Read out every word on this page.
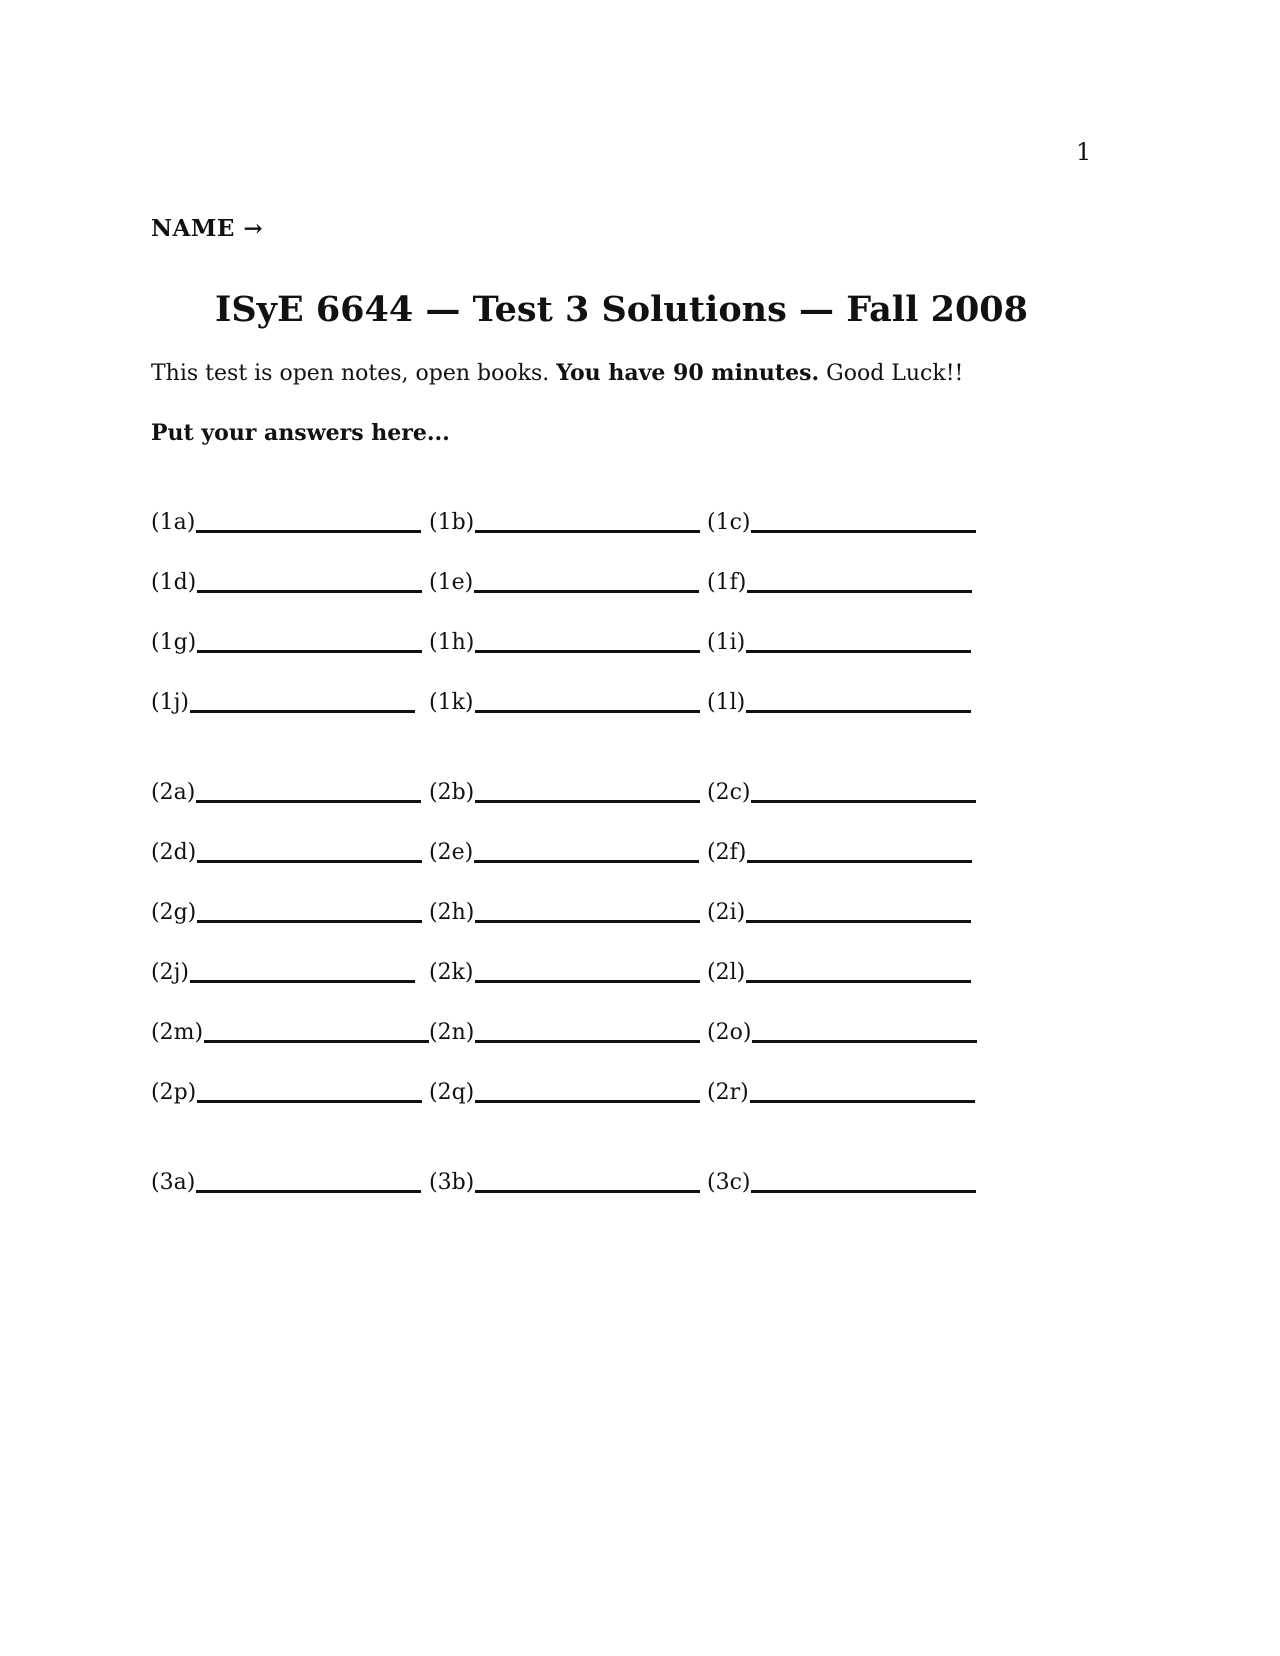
1
NAME →
ISyE 6644 — Test 3 Solutions — Fall 2008
This test is open notes, open books. You have 90 minutes. Good Luck!!
Put your answers here...
(1a)	(1b)	(1c)
(1d)	(1e)	(1f)
(1g)	(1h)	(1i)
(1j)	(1k)	(1l)
(2a)	(2b)	(2c)
(2d)	(2e)	(2f)
(2g)	(2h)	(2i)
(2j)	(2k)	(2l)
(2m)	(2n)	(2o)
(2p)	(2q)	(2r)
(3a)	(3b)	(3c)
